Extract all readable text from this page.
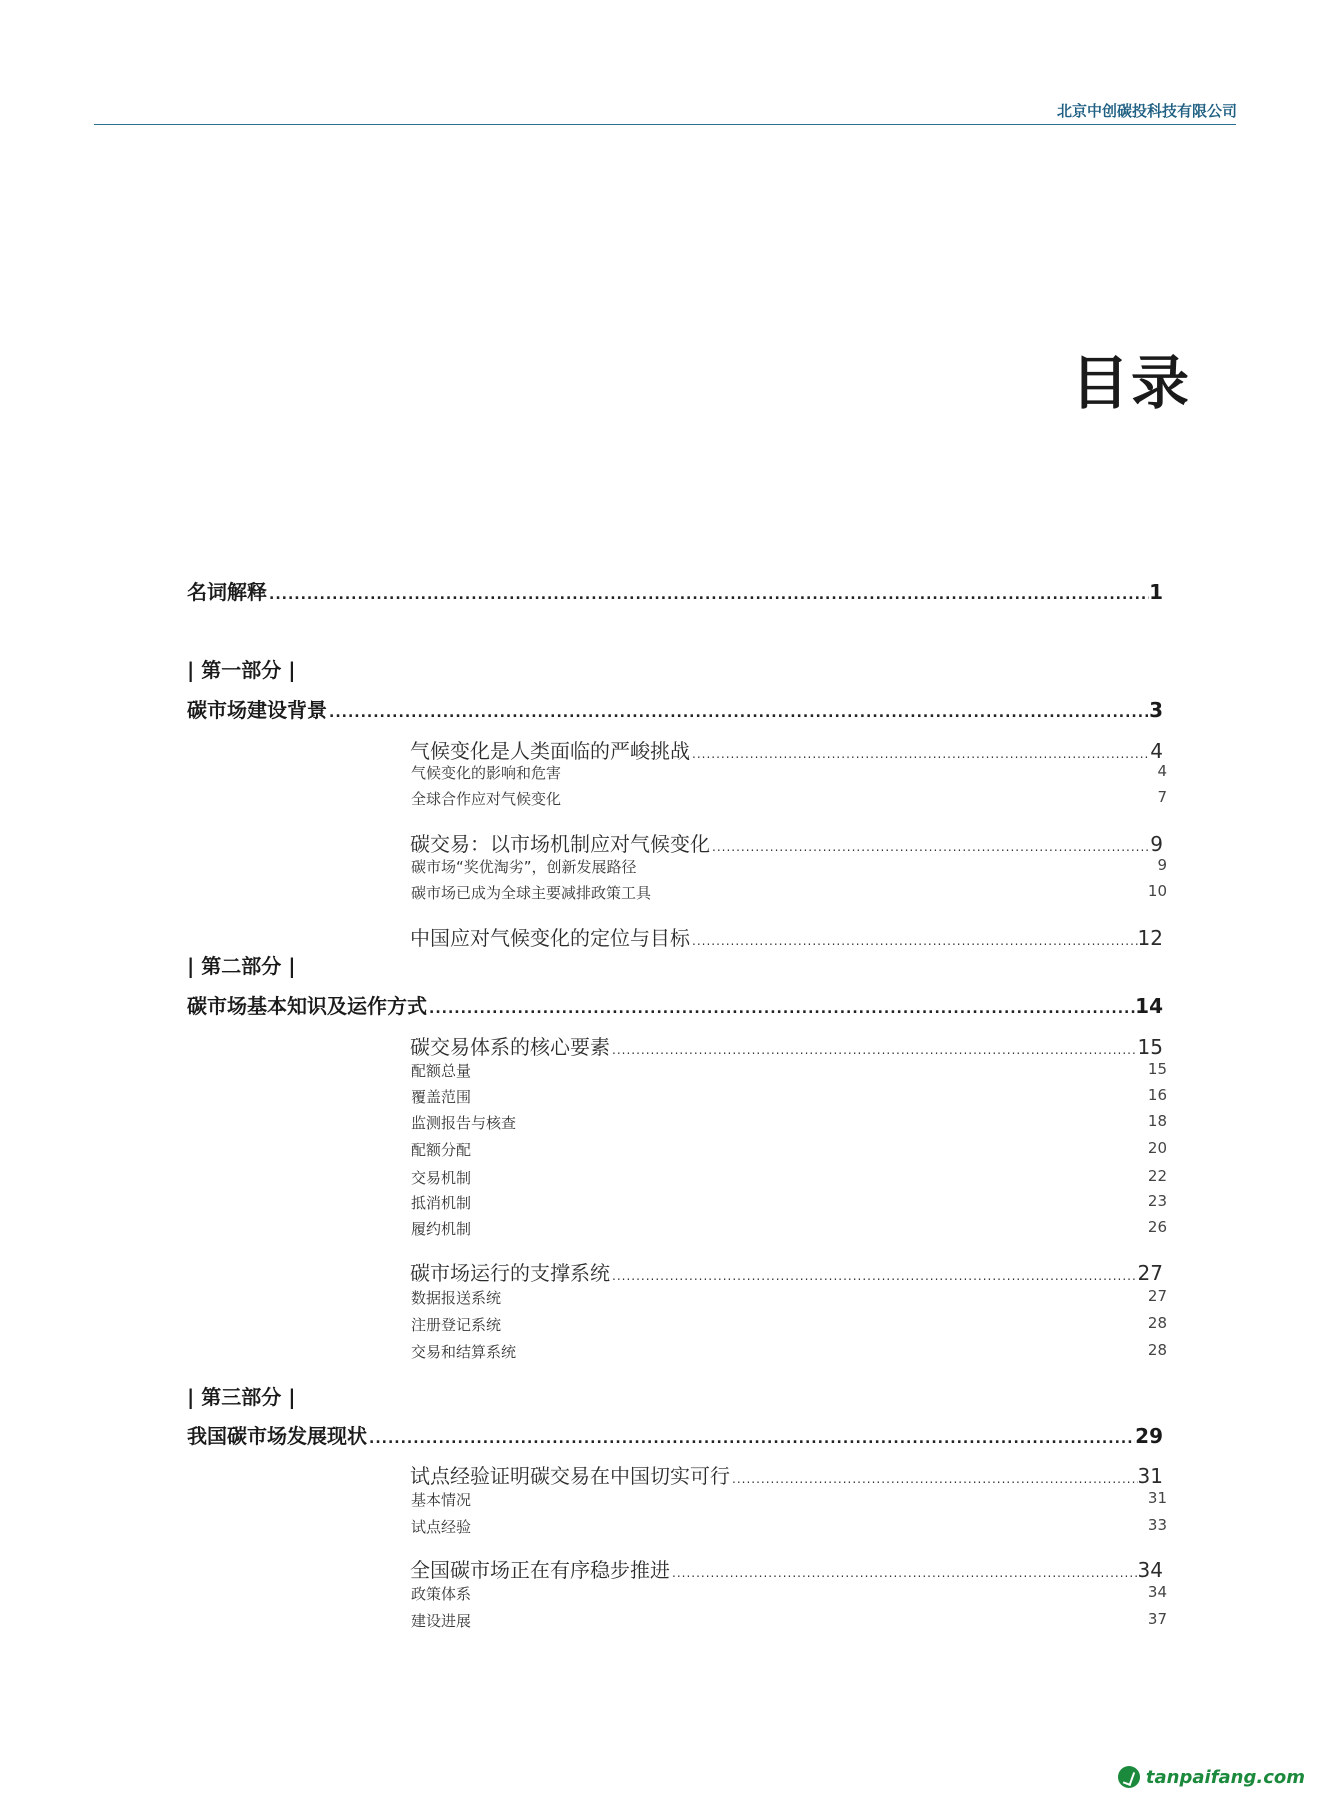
北京中创碳投科技有限公司
目录
名词解释 .....	1
| 第一部分 |
碳市场建设背景 .....	3
气候变化是人类面临的严峻挑战 .....	4
气候变化的影响和危害	4
全球合作应对气候变化	7
碳交易：以市场机制应对气候变化 .....	9
碳市场“奖优淘劣”，创新发展路径	9
碳市场已成为全球主要减排政策工具	10
中国应对气候变化的定位与目标 .....	12
| 第二部分 |
碳市场基本知识及运作方式 .....	14
碳交易体系的核心要素 .....	15
配额总量	15
覆盖范围	16
监测报告与核查	18
配额分配	20
交易机制	22
抵消机制	23
履约机制	26
碳市场运行的支撑系统 .....	27
数据报送系统	27
注册登记系统	28
交易和结算系统	28
| 第三部分 |
我国碳市场发展现状 .....	29
试点经验证明碳交易在中国切实可行 .....	31
基本情况	31
试点经验	33
全国碳市场正在有序稳步推进 .....	34
政策体系	34
建设进展	37
tanpaifang.com
